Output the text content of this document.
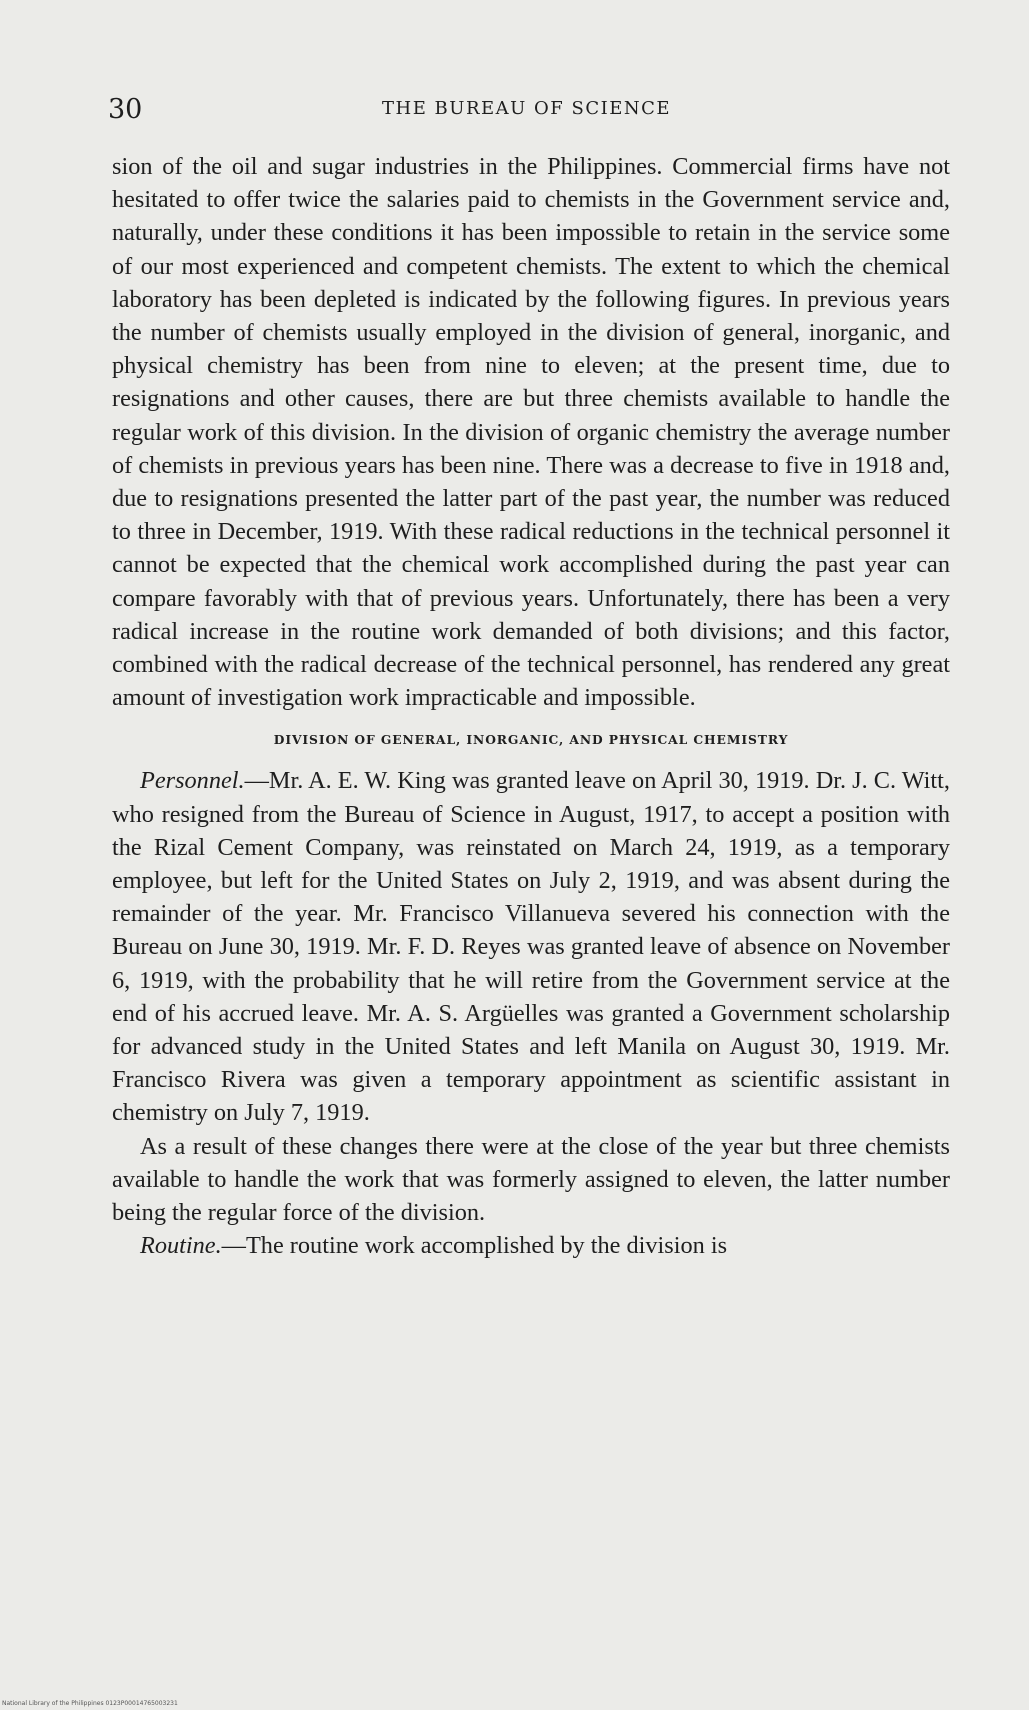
30	THE BUREAU OF SCIENCE

sion of the oil and sugar industries in the Philippines. Commercial firms have not hesitated to offer twice the salaries paid to chemists in the Government service and, naturally, under these conditions it has been impossible to retain in the service some of our most experienced and competent chemists. The extent to which the chemical laboratory has been depleted is indicated by the following figures. In previous years the number of chemists usually employed in the division of general, inorganic, and physical chemistry has been from nine to eleven; at the present time, due to resignations and other causes, there are but three chemists available to handle the regular work of this division. In the division of organic chemistry the average number of chemists in previous years has been nine. There was a decrease to five in 1918 and, due to resignations presented the latter part of the past year, the number was reduced to three in December, 1919. With these radical reductions in the technical personnel it cannot be expected that the chemical work accomplished during the past year can compare favorably with that of previous years. Unfortunately, there has been a very radical increase in the routine work demanded of both divisions; and this factor, combined with the radical decrease of the technical personnel, has rendered any great amount of investigation work impracticable and impossible.

DIVISION OF GENERAL, INORGANIC, AND PHYSICAL CHEMISTRY

Personnel.—Mr. A. E. W. King was granted leave on April 30, 1919. Dr. J. C. Witt, who resigned from the Bureau of Science in August, 1917, to accept a position with the Rizal Cement Company, was reinstated on March 24, 1919, as a temporary employee, but left for the United States on July 2, 1919, and was absent during the remainder of the year. Mr. Francisco Villanueva severed his connection with the Bureau on June 30, 1919. Mr. F. D. Reyes was granted leave of absence on November 6, 1919, with the probability that he will retire from the Government service at the end of his accrued leave. Mr. A. S. Argüelles was granted a Government scholarship for advanced study in the United States and left Manila on August 30, 1919. Mr. Francisco Rivera was given a temporary appointment as scientific assistant in chemistry on July 7, 1919.

As a result of these changes there were at the close of the year but three chemists available to handle the work that was formerly assigned to eleven, the latter number being the regular force of the division.

Routine.—The routine work accomplished by the division is

National Library of the Philippines 0123P00014765003231
